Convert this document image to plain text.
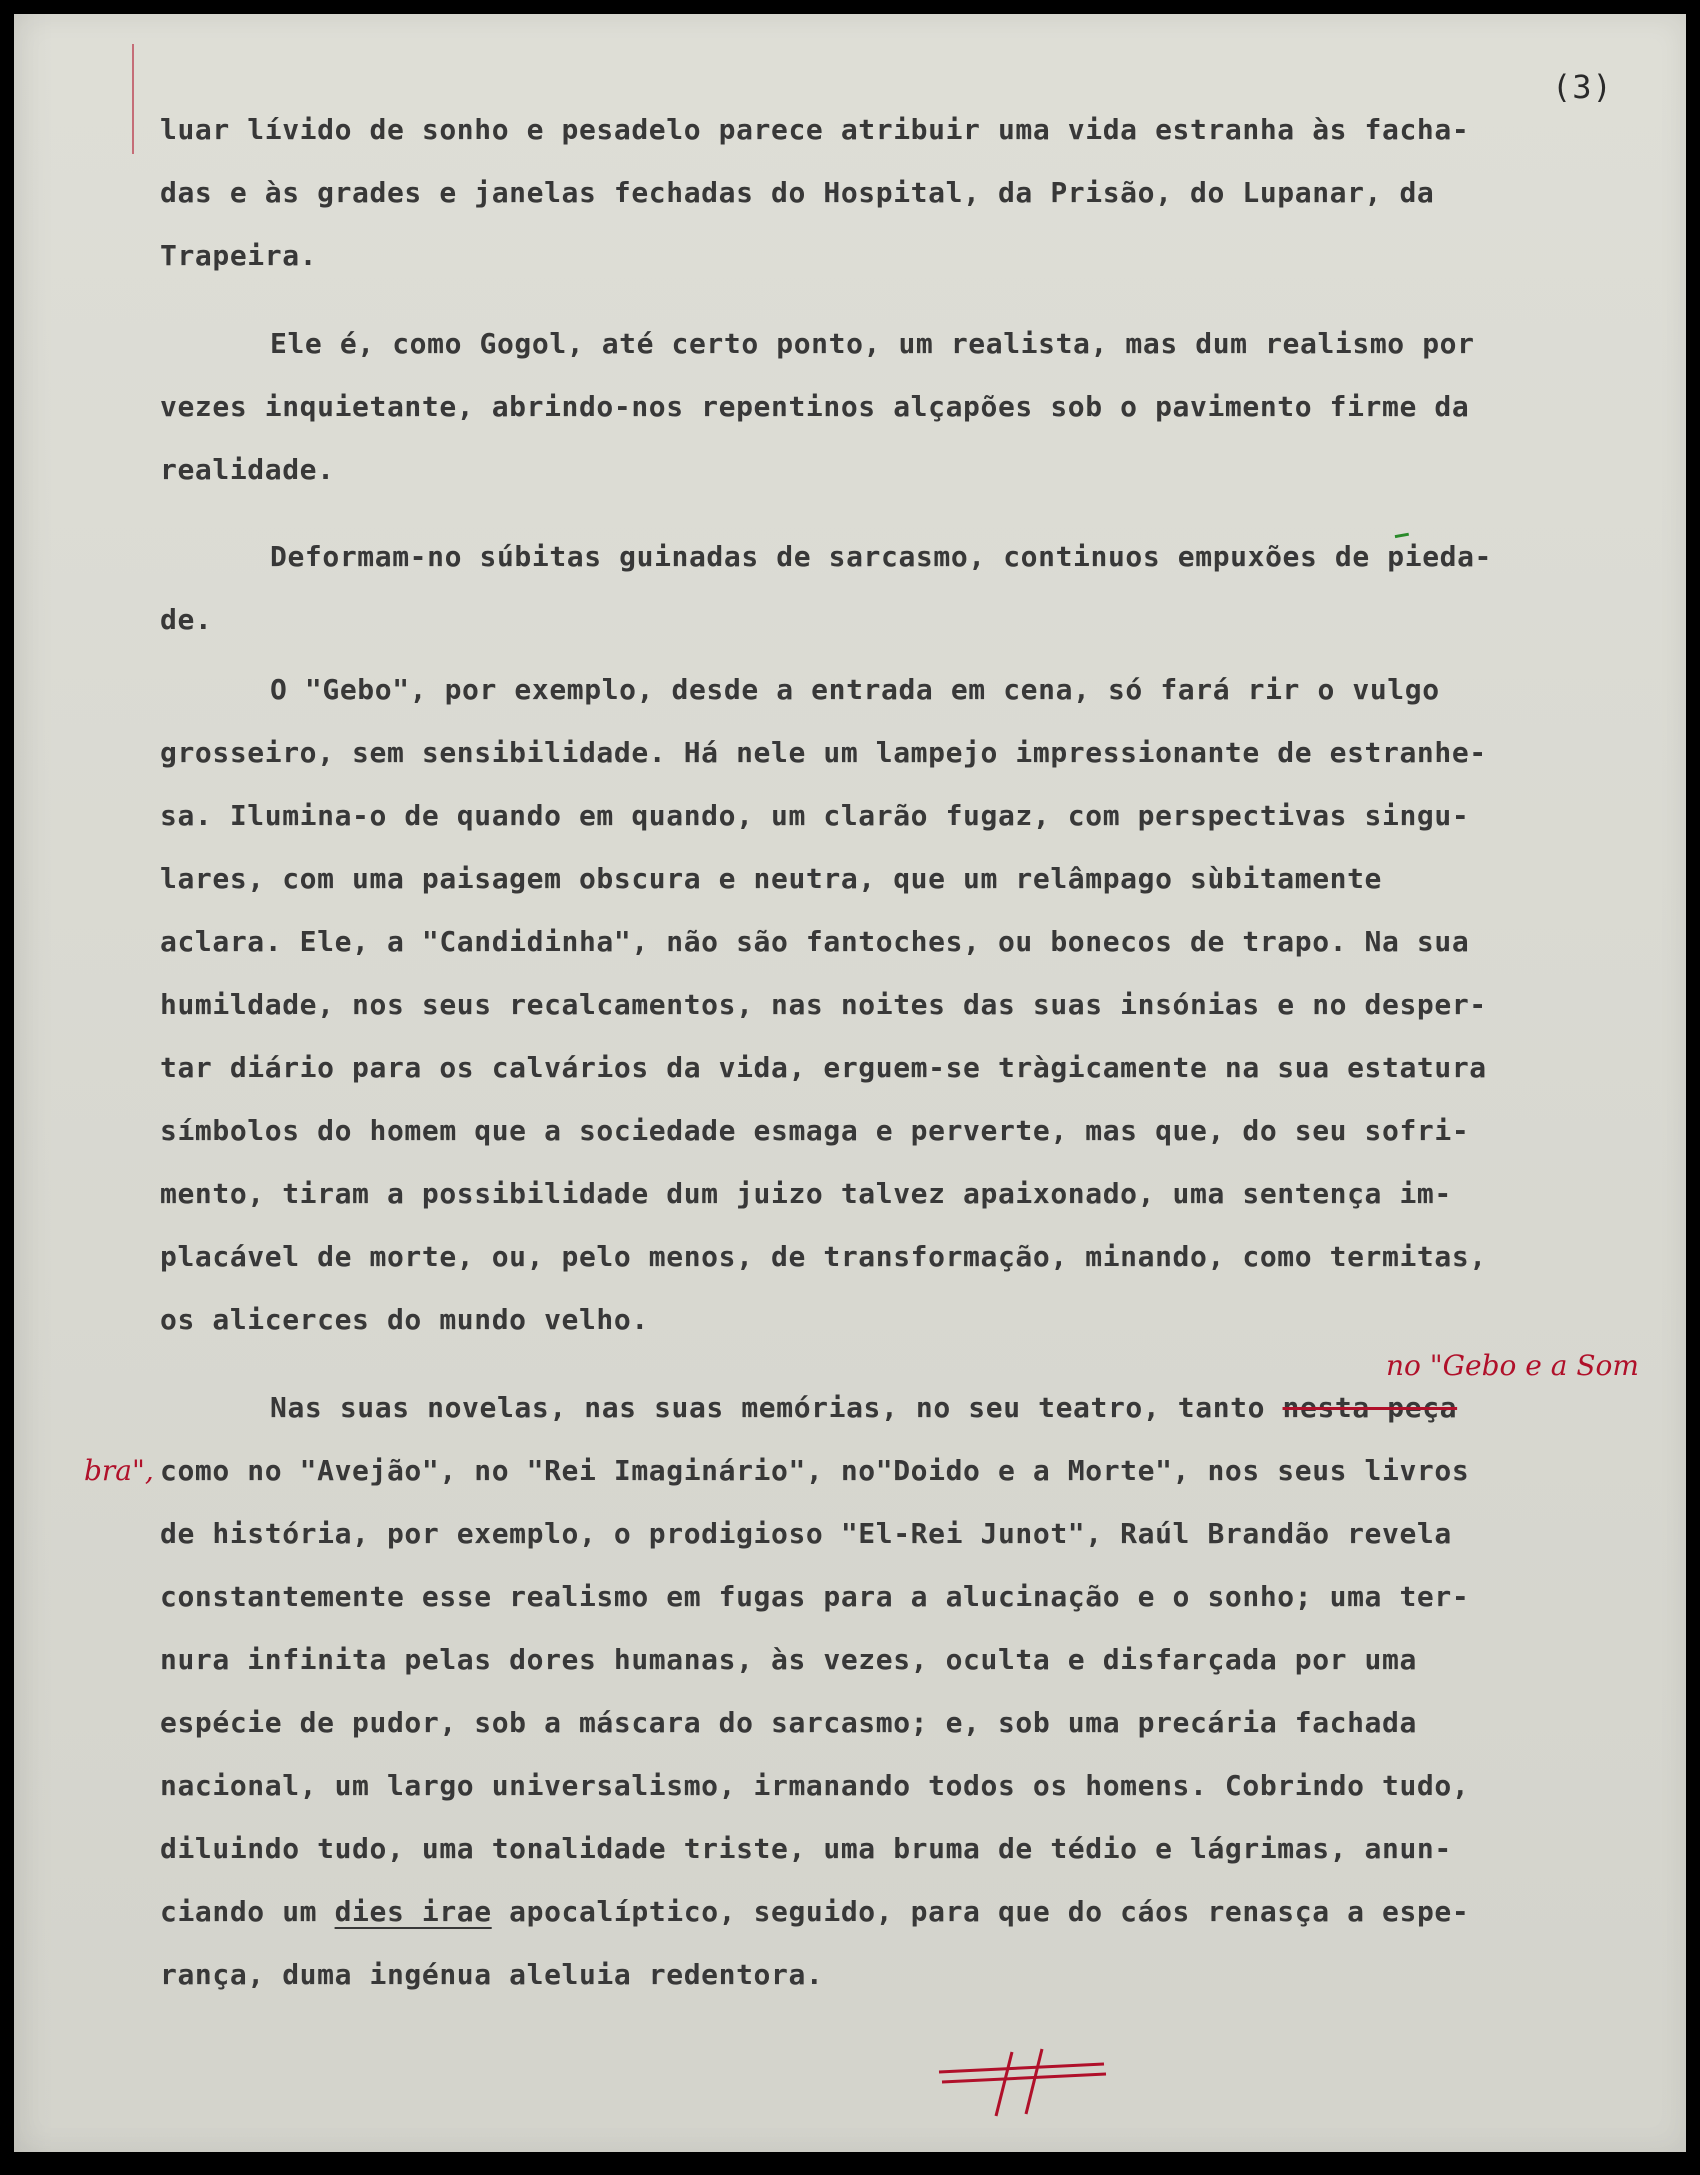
(3)
luar lívido de sonho e pesadelo parece atribuir uma vida estranha às facha-
das e às grades e janelas fechadas do Hospital, da Prisão, do Lupanar, da
Trapeira.
Ele é, como Gogol, até certo ponto, um realista, mas dum realismo por
vezes inquietante, abrindo-nos repentinos alçapões sob o pavimento firme da
realidade.
Deformam-no súbitas guinadas de sarcasmo, continuos empuxões de pieda-
de.
O "Gebo", por exemplo, desde a entrada em cena, só fará rir o vulgo
grosseiro, sem sensibilidade. Há nele um lampejo impressionante de estranhe-
sa. Ilumina-o de quando em quando, um clarão fugaz, com perspectivas singu-
lares, com uma paisagem obscura e neutra, que um relâmpago sùbitamente
aclara. Ele, a "Candidinha", não são fantoches, ou bonecos de trapo. Na sua
humildade, nos seus recalcamentos, nas noites das suas insónias e no desper-
tar diário para os calvários da vida, erguem-se tràgicamente na sua estatura
símbolos do homem que a sociedade esmaga e perverte, mas que, do seu sofri-
mento, tiram a possibilidade dum juizo talvez apaixonado, uma sentença im-
placável de morte, ou, pelo menos, de transformação, minando, como termitas,
os alicerces do mundo velho.
Nas suas novelas, nas suas memórias, no seu teatro, tanto nesta peça
como no "Avejão", no "Rei Imaginário", no"Doido e a Morte", nos seus livros
de história, por exemplo, o prodigioso "El-Rei Junot", Raúl Brandão revela
constantemente esse realismo em fugas para a alucinação e o sonho; uma ter-
nura infinita pelas dores humanas, às vezes, oculta e disfarçada por uma
espécie de pudor, sob a máscara do sarcasmo; e, sob uma precária fachada
nacional, um largo universalismo, irmanando todos os homens. Cobrindo tudo,
diluindo tudo, uma tonalidade triste, uma bruma de tédio e lágrimas, anun-
ciando um dies irae apocalíptico, seguido, para que do cáos renasça a espe-
rança, duma ingénua aleluia redentora.
no "Gebo e a Som
bra",
